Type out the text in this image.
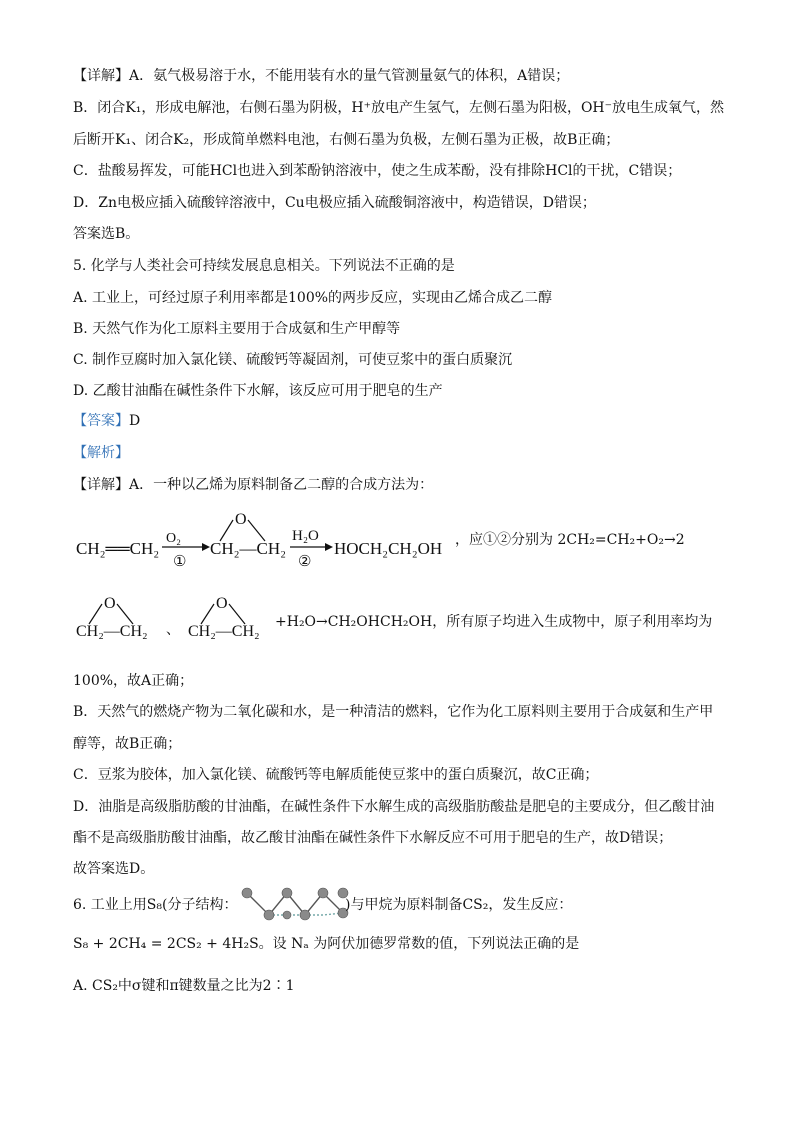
【详解】A．氨气极易溶于水，不能用装有水的量气管测量氨气的体积，A错误；
B．闭合K₁，形成电解池，右侧石墨为阴极，H⁺放电产生氢气，左侧石墨为阳极，OH⁻放电生成氧气，然
后断开K₁、闭合K₂，形成简单燃料电池，右侧石墨为负极，左侧石墨为正极，故B正确；
C．盐酸易挥发，可能HCl也进入到苯酚钠溶液中，使之生成苯酚，没有排除HCl的干扰，C错误；
D．Zn电极应插入硫酸锌溶液中，Cu电极应插入硫酸铜溶液中，构造错误，D错误；
答案选B。
5. 化学与人类社会可持续发展息息相关。下列说法不正确的是
A. 工业上，可经过原子利用率都是100%的两步反应，实现由乙烯合成乙二醇
B. 天然气作为化工原料主要用于合成氨和生产甲醇等
C. 制作豆腐时加入氯化镁、硫酸钙等凝固剂，可使豆浆中的蛋白质聚沉
D. 乙酸甘油酯在碱性条件下水解，该反应可用于肥皂的生产
【答案】D
【解析】
【详解】A．一种以乙烯为原料制备乙二醇的合成方法为：
CH₂══CH₂
O₂
①
O
CH₂—CH₂
H₂O
②
HOCH₂CH₂OH ，应①②分别为 2CH₂=CH₂+O₂→2
O
CH₂—CH₂ 、
O
CH₂—CH₂
+H₂O→CH₂OHCH₂OH，所有原子均进入生成物中，原子利用率均为
100%，故A正确；
B．天然气的燃烧产物为二氧化碳和水，是一种清洁的燃料，它作为化工原料则主要用于合成氨和生产甲
醇等，故B正确；
C．豆浆为胶体，加入氯化镁、硫酸钙等电解质能使豆浆中的蛋白质聚沉，故C正确；
D．油脂是高级脂肪酸的甘油酯，在碱性条件下水解生成的高级脂肪酸盐是肥皂的主要成分，但乙酸甘油
酯不是高级脂肪酸甘油酯，故乙酸甘油酯在碱性条件下水解反应不可用于肥皂的生产，故D错误；
故答案选D。
6. 工业上用S₈(分子结构：	)与甲烷为原料制备CS₂，发生反应：
S₈ + 2CH₄ = 2CS₂ + 4H₂S。设 Nₐ 为阿伏加德罗常数的值，下列说法正确的是
A. CS₂中σ键和π键数量之比为2∶1
